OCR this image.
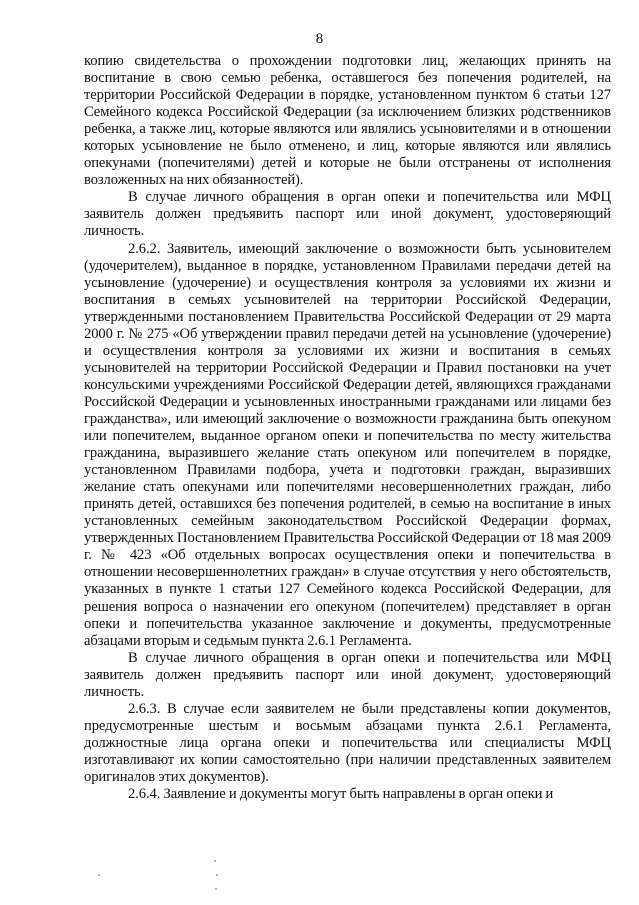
8

копию свидетельства о прохождении подготовки лиц, желающих принять на воспитание в свою семью ребенка, оставшегося без попечения родителей, на территории Российской Федерации в порядке, установленном пунктом 6 статьи 127 Семейного кодекса Российской Федерации (за исключением близких родственников ребенка, а также лиц, которые являются или являлись усыновителями и в отношении которых усыновление не было отменено, и лиц, которые являются или являлись опекунами (попечителями) детей и которые не были отстранены от исполнения возложенных на них обязанностей).

В случае личного обращения в орган опеки и попечительства или МФЦ заявитель должен предъявить паспорт или иной документ, удостоверяющий личность.

2.6.2. Заявитель, имеющий заключение о возможности быть усыновителем (удочерителем), выданное в порядке, установленном Правилами передачи детей на усыновление (удочерение) и осуществления контроля за условиями их жизни и воспитания в семьях усыновителей на территории Российской Федерации, утвержденными постановлением Правительства Российской Федерации от 29 марта 2000 г. № 275 «Об утверждении правил передачи детей на усыновление (удочерение) и осуществления контроля за условиями их жизни и воспитания в семьях усыновителей на территории Российской Федерации и Правил постановки на учет консульскими учреждениями Российской Федерации детей, являющихся гражданами Российской Федерации и усыновленных иностранными гражданами или лицами без гражданства», или имеющий заключение о возможности гражданина быть опекуном или попечителем, выданное органом опеки и попечительства по месту жительства гражданина, выразившего желание стать опекуном или попечителем в порядке, установленном Правилами подбора, учета и подготовки граждан, выразивших желание стать опекунами или попечителями несовершеннолетних граждан, либо принять детей, оставшихся без попечения родителей, в семью на воспитание в иных установленных семейным законодательством Российской Федерации формах, утвержденных Постановлением Правительства Российской Федерации от 18 мая 2009 г. № 423 «Об отдельных вопросах осуществления опеки и попечительства в отношении несовершеннолетних граждан» в случае отсутствия у него обстоятельств, указанных в пункте 1 статьи 127 Семейного кодекса Российской Федерации, для решения вопроса о назначении его опекуном (попечителем) представляет в орган опеки и попечительства указанное заключение и документы, предусмотренные абзацами вторым и седьмым пункта 2.6.1 Регламента.

В случае личного обращения в орган опеки и попечительства или МФЦ заявитель должен предъявить паспорт или иной документ, удостоверяющий личность.

2.6.3. В случае если заявителем не были представлены копии документов, предусмотренные шестым и восьмым абзацами пункта 2.6.1 Регламента, должностные лица органа опеки и попечительства или специалисты МФЦ изготавливают их копии самостоятельно (при наличии представленных заявителем оригиналов этих документов).

2.6.4. Заявление и документы могут быть направлены в орган опеки и
